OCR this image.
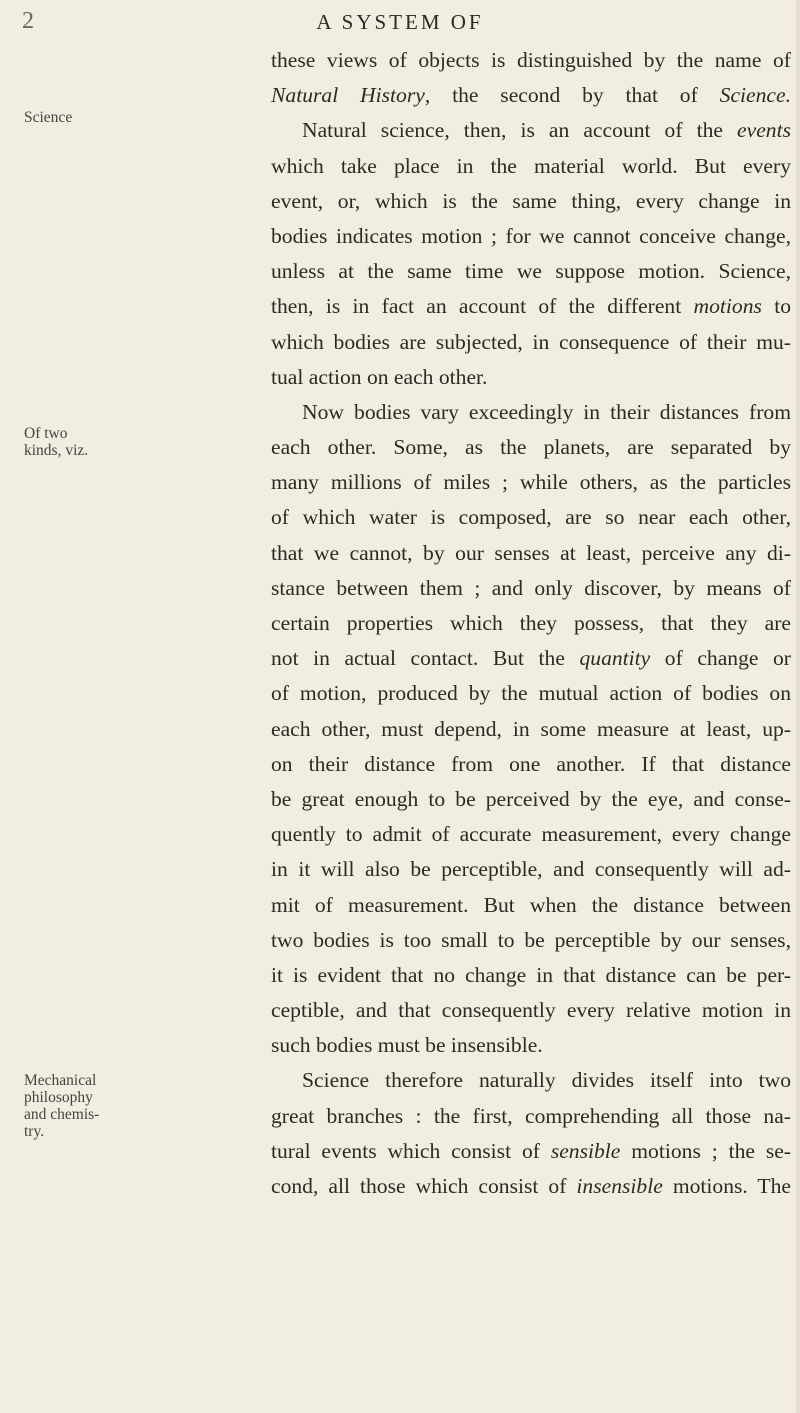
2	A SYSTEM OF
Science
Of two
kinds, viz.
Mechanical
philosophy
and chemis-
try.
these views of objects is distinguished by the name of
Natural History, the second by that of Science.
Natural science, then, is an account of the events
which take place in the material world. But every
event, or, which is the same thing, every change in
bodies indicates motion ; for we cannot conceive change,
unless at the same time we suppose motion. Science,
then, is in fact an account of the different motions to
which bodies are subjected, in consequence of their mu-
tual action on each other.
Now bodies vary exceedingly in their distances from
each other. Some, as the planets, are separated by
many millions of miles ; while others, as the particles
of which water is composed, are so near each other,
that we cannot, by our senses at least, perceive any di-
stance between them ; and only discover, by means of
certain properties which they possess, that they are
not in actual contact. But the quantity of change or
of motion, produced by the mutual action of bodies on
each other, must depend, in some measure at least, up-
on their distance from one another. If that distance
be great enough to be perceived by the eye, and conse-
quently to admit of accurate measurement, every change
in it will also be perceptible, and consequently will ad-
mit of measurement. But when the distance between
two bodies is too small to be perceptible by our senses,
it is evident that no change in that distance can be per-
ceptible, and that consequently every relative motion in
such bodies must be insensible.
Science therefore naturally divides itself into two
great branches : the first, comprehending all those na-
tural events which consist of sensible motions ; the se-
cond, all those which consist of insensible motions. The
